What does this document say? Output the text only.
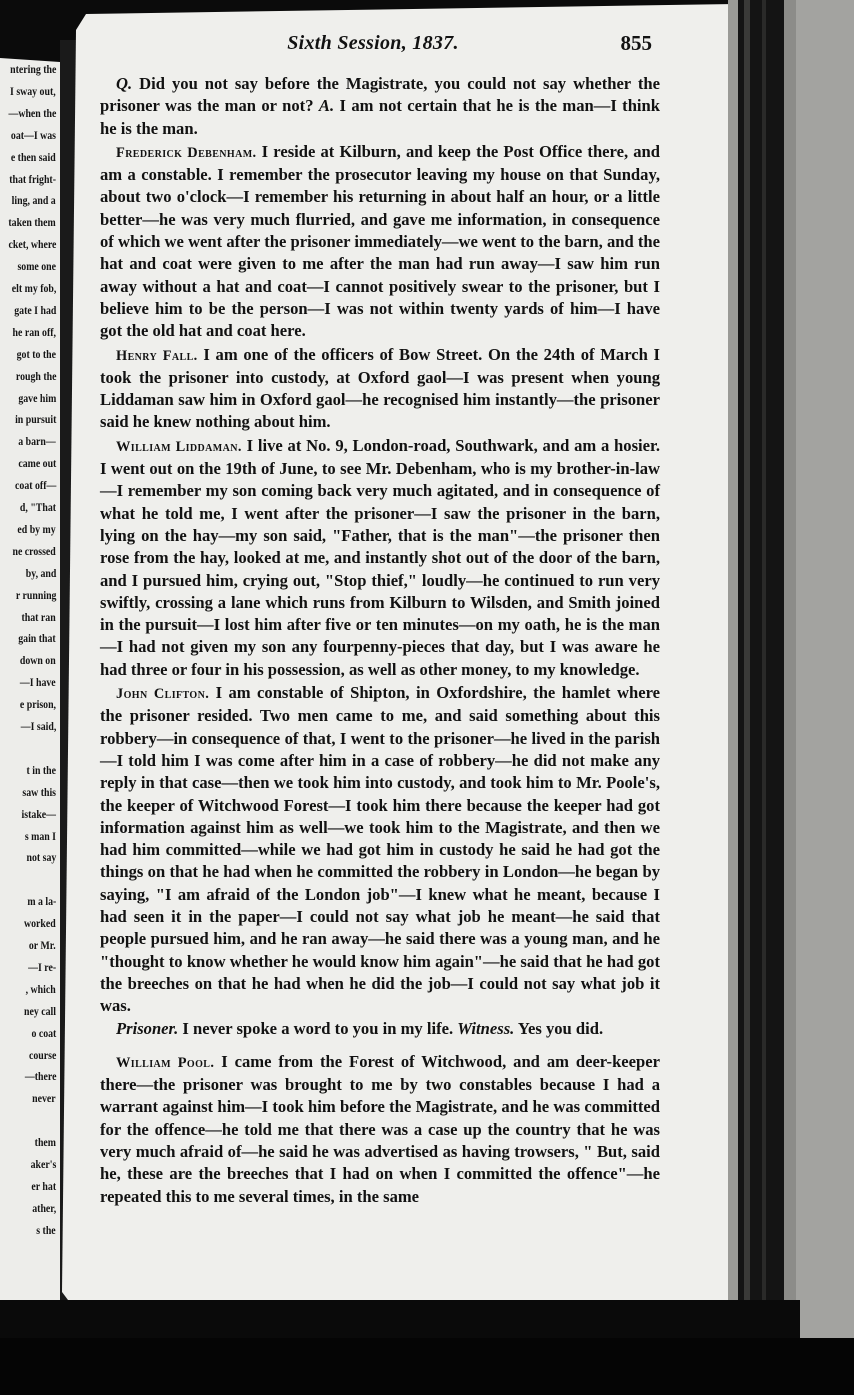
ntering the
I sway out,
—when the
oat—I was
e then said
that fright-
ling, and a
taken them
cket, where
some one
elt my fob,
gate I had
he ran off,
got to the
rough the
gave him
in pursuit
a barn—
came out
coat off—
d, "That
ed by my
ne crossed
by, and
r running
that ran
gain that
down on
—I have
e prison,
—I said,
t in the
saw this
istake—
s man I
not say
m a la-
worked
or Mr.
—I re-
, which
ney call
o coat
course
—there
never
them
aker's
er hat
ather,
s the
Sixth Session, 1837.	855

Q. Did you not say before the Magistrate, you could not say whether the prisoner was the man or not? A. I am not certain that he is the man—I think he is the man.

Frederick Debenham. I reside at Kilburn, and keep the Post Office there, and am a constable. I remember the prosecutor leaving my house on that Sunday, about two o'clock—I remember his returning in about half an hour, or a little better—he was very much flurried, and gave me information, in consequence of which we went after the prisoner immediately—we went to the barn, and the hat and coat were given to me after the man had run away—I saw him run away without a hat and coat—I cannot positively swear to the prisoner, but I believe him to be the person—I was not within twenty yards of him—I have got the old hat and coat here.

Henry Fall. I am one of the officers of Bow Street. On the 24th of March I took the prisoner into custody, at Oxford gaol—I was present when young Liddaman saw him in Oxford gaol—he recognised him instantly—the prisoner said he knew nothing about him.

William Liddaman. I live at No. 9, London-road, Southwark, and am a hosier. I went out on the 19th of June, to see Mr. Debenham, who is my brother-in-law—I remember my son coming back very much agitated, and in consequence of what he told me, I went after the prisoner—I saw the prisoner in the barn, lying on the hay—my son said, "Father, that is the man"—the prisoner then rose from the hay, looked at me, and instantly shot out of the door of the barn, and I pursued him, crying out, "Stop thief," loudly—he continued to run very swiftly, crossing a lane which runs from Kilburn to Wilsden, and Smith joined in the pursuit—I lost him after five or ten minutes—on my oath, he is the man—I had not given my son any fourpenny-pieces that day, but I was aware he had three or four in his possession, as well as other money, to my knowledge.

John Clifton. I am constable of Shipton, in Oxfordshire, the hamlet where the prisoner resided. Two men came to me, and said something about this robbery—in consequence of that, I went to the prisoner—he lived in the parish—I told him I was come after him in a case of robbery—he did not make any reply in that case—then we took him into custody, and took him to Mr. Poole's, the keeper of Witchwood Forest—I took him there because the keeper had got information against him as well—we took him to the Magistrate, and then we had him committed—while we had got him in custody he said he had got the things on that he had when he committed the robbery in London—he began by saying, "I am afraid of the London job"—I knew what he meant, because I had seen it in the paper—I could not say what job he meant—he said that people pursued him, and he ran away—he said there was a young man, and he "thought to know whether he would know him again"—he said that he had got the breeches on that he had when he did the job—I could not say what job it was.

Prisoner. I never spoke a word to you in my life. Witness. Yes you did.

William Pool. I came from the Forest of Witchwood, and am deer-keeper there—the prisoner was brought to me by two constables because I had a warrant against him—I took him before the Magistrate, and he was committed for the offence—he told me that there was a case up the country that he was very much afraid of—he said he was advertised as having trowsers, " But, said he, these are the breeches that I had on when I committed the offence"—he repeated this to me several times, in the same
